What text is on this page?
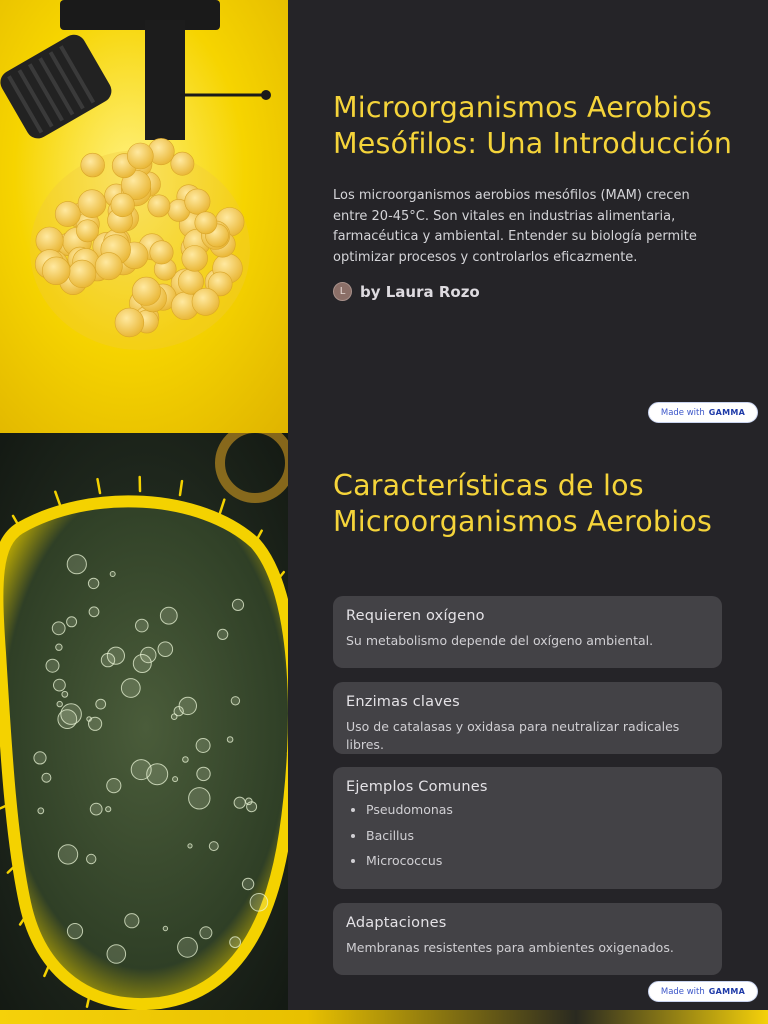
Microorganismos Aerobios Mesófilos: Una Introducción

Los microorganismos aerobios mesófilos (MAM) crecen entre 20-45°C. Son vitales en industrias alimentaria, farmacéutica y ambiental. Entender su biología permite optimizar procesos y controlarlos eficazmente.

L by Laura Rozo
Made with GAMMA
Características de los Microorganismos Aerobios

Requieren oxígeno

Su metabolismo depende del oxígeno ambiental.

Enzimas claves

Uso de catalasas y oxidasa para neutralizar radicales libres.

Ejemplos Comunes

• Pseudomonas
• Bacillus
• Micrococcus

Adaptaciones

Membranas resistentes para ambientes oxigenados.

Made with GAMMA
